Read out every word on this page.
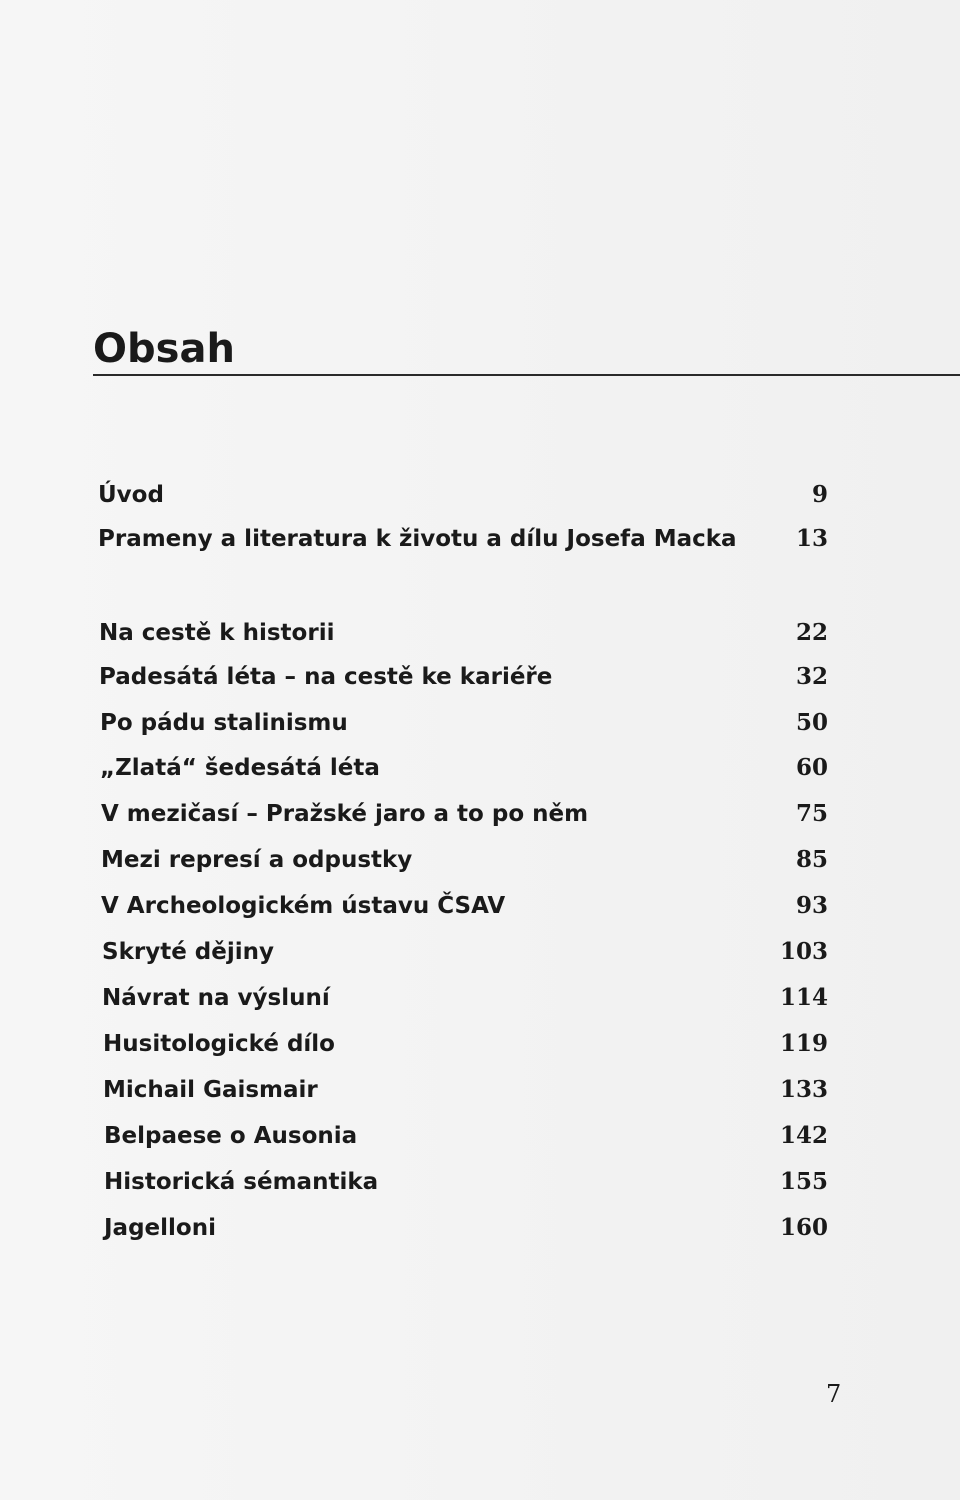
Obsah
Úvod	9
Prameny a literatura k životu a dílu Josefa Macka	13
Na cestě k historii	22
Padesátá léta – na cestě ke kariéře	32
Po pádu stalinismu	50
„Zlatá“ šedesátá léta	60
V mezičasí – Pražské jaro a to po něm	75
Mezi represí a odpustky	85
V Archeologickém ústavu ČSAV	93
Skryté dějiny	103
Návrat na výsluní	114
Husitologické dílo	119
Michail Gaismair	133
Belpaese o Ausonia	142
Historická sémantika	155
Jagelloni	160
7
